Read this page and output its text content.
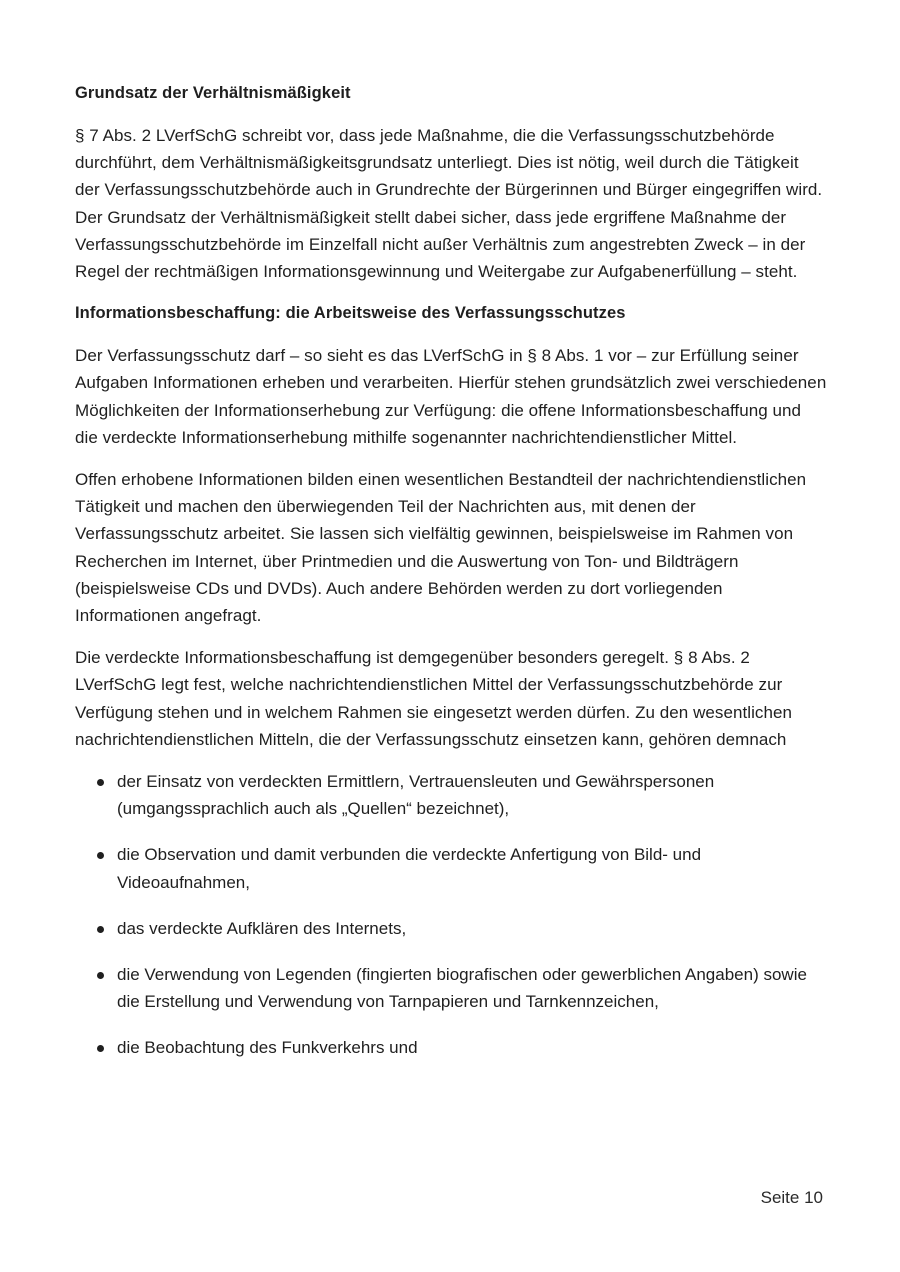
Grundsatz der Verhältnismäßigkeit

§ 7 Abs. 2 LVerfSchG schreibt vor, dass jede Maßnahme, die die Verfassungsschutzbehörde durchführt, dem Verhältnismäßigkeitsgrundsatz unterliegt. Dies ist nötig, weil durch die Tätigkeit der Verfassungsschutzbehörde auch in Grundrechte der Bürgerinnen und Bürger eingegriffen wird. Der Grundsatz der Verhältnismäßigkeit stellt dabei sicher, dass jede ergriffene Maßnahme der Verfassungsschutzbehörde im Einzelfall nicht außer Verhältnis zum angestrebten Zweck – in der Regel der rechtmäßigen Informationsgewinnung und Weitergabe zur Aufgabenerfüllung – steht.

Informationsbeschaffung: die Arbeitsweise des Verfassungsschutzes

Der Verfassungsschutz darf – so sieht es das LVerfSchG in § 8 Abs. 1 vor – zur Erfüllung seiner Aufgaben Informationen erheben und verarbeiten. Hierfür stehen grundsätzlich zwei verschiedenen Möglichkeiten der Informationserhebung zur Verfügung: die offene Informationsbeschaffung und die verdeckte Informationserhebung mithilfe sogenannter nachrichtendienstlicher Mittel.

Offen erhobene Informationen bilden einen wesentlichen Bestandteil der nachrichtendienstlichen Tätigkeit und machen den überwiegenden Teil der Nachrichten aus, mit denen der Verfassungsschutz arbeitet. Sie lassen sich vielfältig gewinnen, beispielsweise im Rahmen von Recherchen im Internet, über Printmedien und die Auswertung von Ton- und Bildträgern (beispielsweise CDs und DVDs). Auch andere Behörden werden zu dort vorliegenden Informationen angefragt.

Die verdeckte Informationsbeschaffung ist demgegenüber besonders geregelt. § 8 Abs. 2 LVerfSchG legt fest, welche nachrichtendienstlichen Mittel der Verfassungsschutzbehörde zur Verfügung stehen und in welchem Rahmen sie eingesetzt werden dürfen. Zu den wesentlichen nachrichtendienstlichen Mitteln, die der Verfassungsschutz einsetzen kann, gehören demnach

der Einsatz von verdeckten Ermittlern, Vertrauensleuten und Gewährspersonen (umgangssprachlich auch als „Quellen“ bezeichnet),
die Observation und damit verbunden die verdeckte Anfertigung von Bild- und Videoaufnahmen,
das verdeckte Aufklären des Internets,
die Verwendung von Legenden (fingierten biografischen oder gewerblichen Angaben) sowie die Erstellung und Verwendung von Tarnpapieren und Tarnkennzeichen,
die Beobachtung des Funkverkehrs und
Seite 10
